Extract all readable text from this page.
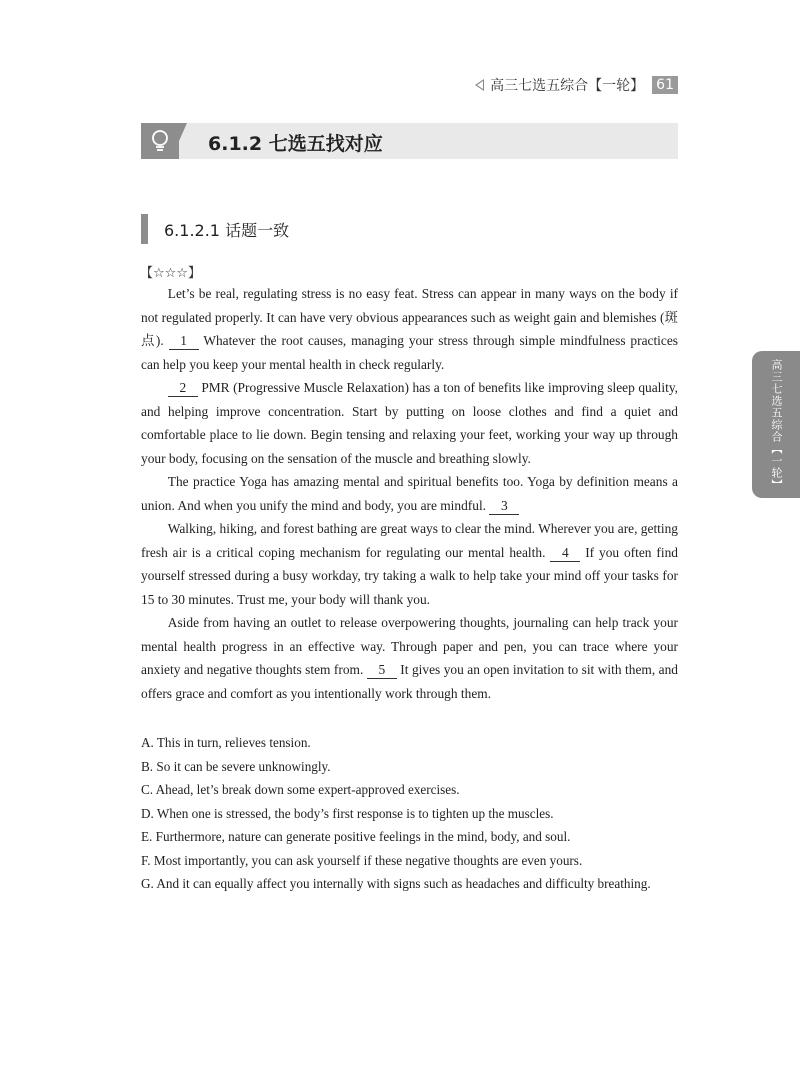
高三七选五综合【一轮】 61
6.1.2 七选五找对应
6.1.2.1 话题一致
【☆☆☆】

Let’s be real, regulating stress is no easy feat. Stress can appear in many ways on the body if not regulated properly. It can have very obvious appearances such as weight gain and blemishes (斑点). 1 Whatever the root causes, managing your stress through simple mindfulness practices can help you keep your mental health in check regularly.

2 PMR (Progressive Muscle Relaxation) has a ton of benefits like improving sleep quality, and helping improve concentration. Start by putting on loose clothes and find a quiet and comfortable place to lie down. Begin tensing and relaxing your feet, working your way up through your body, focusing on the sensation of the muscle and breathing slowly.

The practice Yoga has amazing mental and spiritual benefits too. Yoga by definition means a union. And when you unify the mind and body, you are mindful. 3

Walking, hiking, and forest bathing are great ways to clear the mind. Wherever you are, getting fresh air is a critical coping mechanism for regulating our mental health. 4 If you often find yourself stressed during a busy workday, try taking a walk to help take your mind off your tasks for 15 to 30 minutes. Trust me, your body will thank you.

Aside from having an outlet to release overpowering thoughts, journaling can help track your mental health progress in an effective way. Through paper and pen, you can trace where your anxiety and negative thoughts stem from. 5 It gives you an open invitation to sit with them, and offers grace and comfort as you intentionally work through them.

A. This in turn, relieves tension.
B. So it can be severe unknowingly.
C. Ahead, let’s break down some expert-approved exercises.
D. When one is stressed, the body’s first response is to tighten up the muscles.
E. Furthermore, nature can generate positive feelings in the mind, body, and soul.
F. Most importantly, you can ask yourself if these negative thoughts are even yours.
G. And it can equally affect you internally with signs such as headaches and difficulty breathing.
高三七选五综合【一轮】
